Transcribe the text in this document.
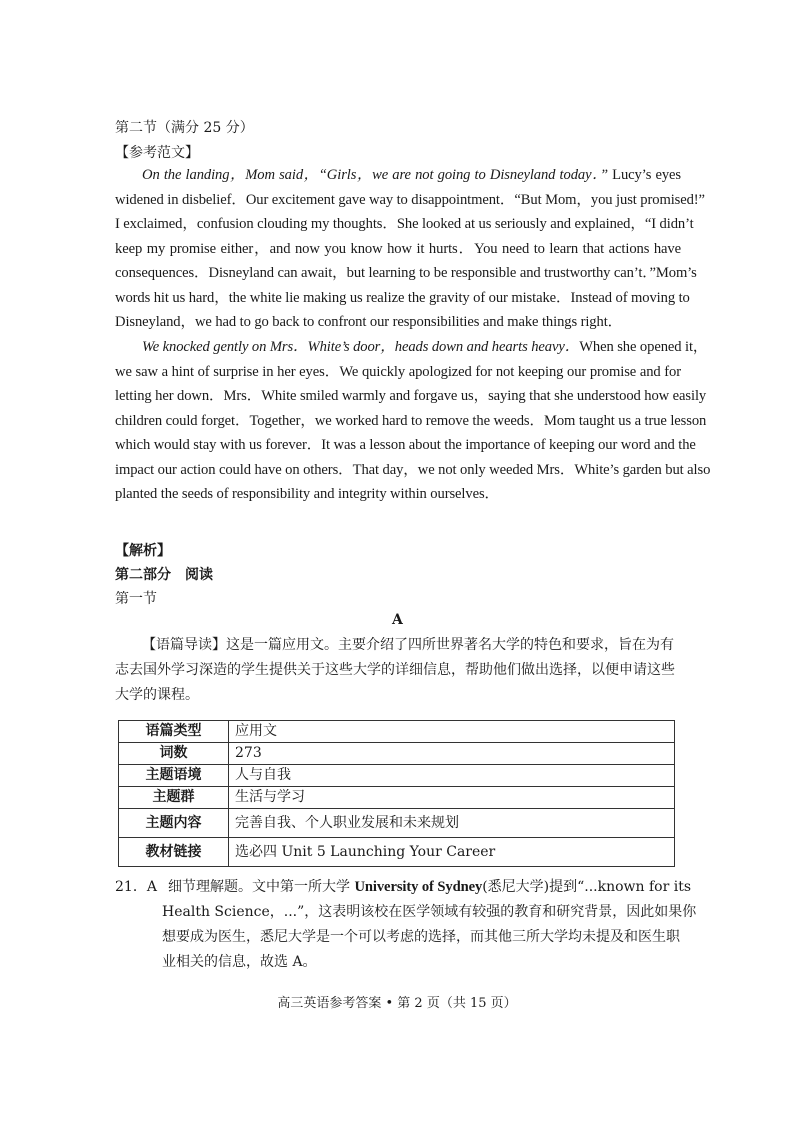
第二节（满分 25 分）
【参考范文】
On the landing，Mom said，“Girls，we are not going to Disneyland today．” Lucy’s eyes
widened in disbelief．Our excitement gave way to disappointment．“But Mom，you just promised!”
I exclaimed，confusion clouding my thoughts．She looked at us seriously and explained，“I didn’t
keep my promise either，and now you know how it hurts．You need to learn that actions have
consequences．Disneyland can await，but learning to be responsible and trustworthy can’t．”Mom’s
words hit us hard，the white lie making us realize the gravity of our mistake．Instead of moving to
Disneyland，we had to go back to confront our responsibilities and make things right．
We knocked gently on Mrs．White’s door，heads down and hearts heavy．When she opened it，
we saw a hint of surprise in her eyes．We quickly apologized for not keeping our promise and for
letting her down．Mrs．White smiled warmly and forgave us，saying that she understood how easily
children could forget．Together，we worked hard to remove the weeds．Mom taught us a true lesson
which would stay with us forever．It was a lesson about the importance of keeping our word and the
impact our action could have on others．That day，we not only weeded Mrs．White’s garden but also
planted the seeds of responsibility and integrity within ourselves．
【解析】
第二部分　阅读
第一节
A
【语篇导读】这是一篇应用文。主要介绍了四所世界著名大学的特色和要求，旨在为有
志去国外学习深造的学生提供关于这些大学的详细信息，帮助他们做出选择，以便申请这些
大学的课程。
语篇类型	应用文
词数	273
主题语境	人与自我
主题群	生活与学习
主题内容	完善自我、个人职业发展和未来规划
教材链接	选必四 Unit 5 Launching Your Career
21．A 细节理解题。文中第一所大学 University of Sydney(悉尼大学)提到“...known for its
Health Science，...”，这表明该校在医学领域有较强的教育和研究背景，因此如果你
想要成为医生，悉尼大学是一个可以考虑的选择，而其他三所大学均未提及和医生职
业相关的信息，故选 A。
高三英语参考答案 • 第 2 页（共 15 页）
